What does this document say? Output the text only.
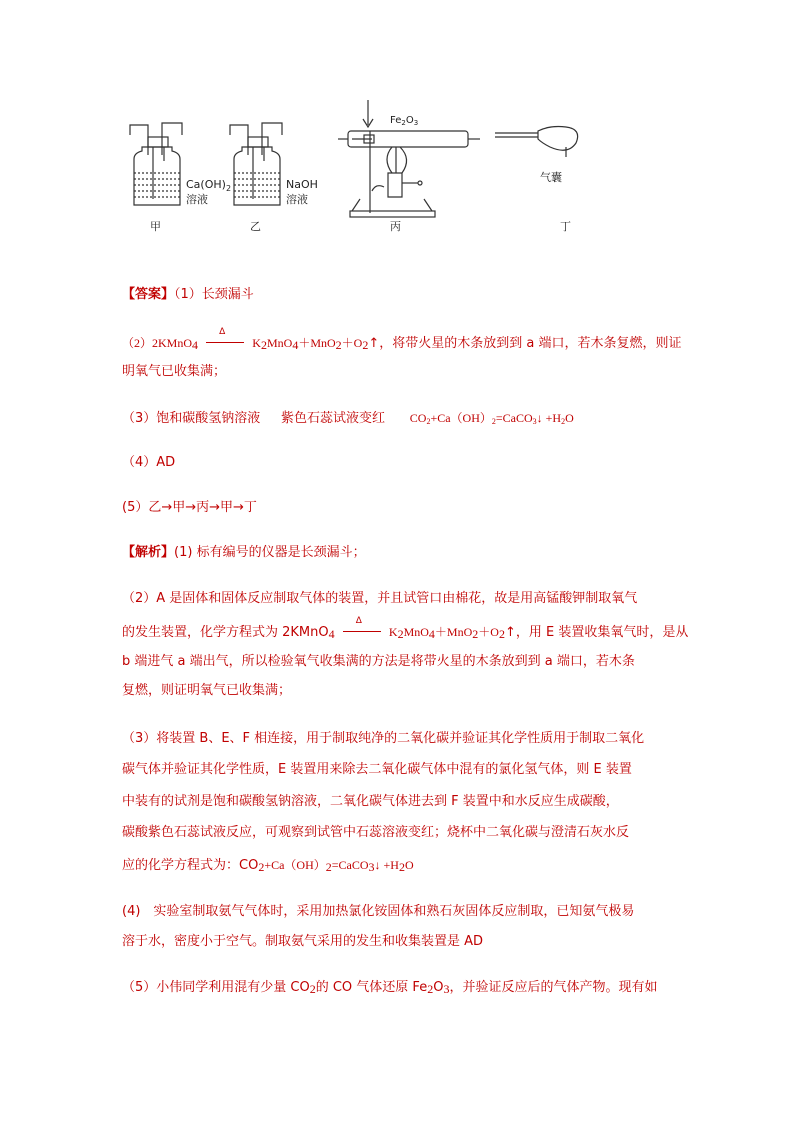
$Ca(OH)_2$
溶液
NaOH
溶液
$Fe_2O_3$
气囊
甲	乙	丙	丁
【答案】（1）长颈漏斗
（2）2KMnO$_4$
Δ
$K_2MnO_4+MnO_2+O_2↑$，将带火星的木条放到到 a 端口，若木条复燃，则证
明氧气已收集满；
（3）饱和碳酸氢钠溶液 紫色石蕊试液变红 $CO_2+Ca(OH)_2=CaCO_3↓ +H_2O$
（4）AD
(5）乙→甲→丙→甲→丁
【解析】(1) 标有编号的仪器是长颈漏斗；
（2）A 是固体和固体反应制取气体的装置，并且试管口由棉花，故是用高锰酸钾制取氧气
的发生装置，化学方程式为 2KMnO$_4$
Δ
$K_2MnO_4+MnO_2+O_2↑$，用 E 装置收集氧气时，是从
b 端进气 a 端出气，所以检验氧气收集满的方法是将带火星的木条放到到 a 端口，若木条
复燃，则证明氧气已收集满；
（3）将装置 B、E、F 相连接，用于制取纯净的二氧化碳并验证其化学性质用于制取二氧化
碳气体并验证其化学性质，E 装置用来除去二氧化碳气体中混有的氯化氢气体，则 E 装置
中装有的试剂是饱和碳酸氢钠溶液，二氧化碳气体进去到 F 装置中和水反应生成碳酸，
碳酸紫色石蕊试液反应，可观察到试管中石蕊溶液变红；烧杯中二氧化碳与澄清石灰水反
应的化学方程式为：$CO_2+Ca(OH)_2=CaCO_3↓ +H_2O$
(4)　实验室制取氨气气体时，采用加热氯化铵固体和熟石灰固体反应制取，已知氨气极易
溶于水，密度小于空气。制取氨气采用的发生和收集装置是 AD
（5）小伟同学利用混有少量 $CO_2$的 CO 气体还原 $Fe_2O_3$，并验证反应后的气体产物。现有如
